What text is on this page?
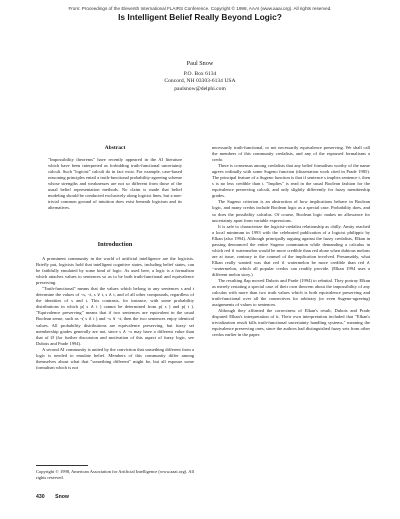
From: Proceedings of the Eleventh International FLAIRS Conference. Copyright © 1998, AAAI (www.aaai.org). All rights reserved.
Is Intelligent Belief Really Beyond Logic?
Paul Snow
P.O. Box 6134
Concord, NH 03303-6134 USA
paulsnow@delphi.com
Abstract
"Impossibility theorems" have recently appeared in the AI literature which have been interpreted as forbidding truth-functional uncertainty calculi. Such "logicist" calculi do in fact exist. For example, case-based reasoning principles entail a truth-functional probability-agreeing scheme whose strengths and weaknesses are not so different from those of the usual belief representation methods. No claim is made that belief modeling should be conducted exclusively along logicist lines, but a non-trivial common ground of intuition does exist beneath logicism and its alternatives.
Introduction

A prominent community in the world of artificial intelligence are the logicists. Briefly put, logicists hold that intelligent cognitive states, including belief states, can be faithfully emulated by some kind of logic. As used here, a logic is a formalism which attaches values to sentences so as to be both truth-functional and equivalence preserving.

"Truth-functional" means that the values which belong to any sentences s and t determine the values of ¬s, ¬t, s ∨ t, s ∧ t, and of all other compounds, regardless of the identities of s and t. This contrasts, for instance, with some probability distributions in which p( s ∧ t ) cannot be determined from p( s ) and p( t ). "Equivalence preserving" means that if two sentences are equivalent in the usual Boolean sense, such as ¬( s ∧ t ) and ¬s ∨ ¬t, then the two sentences enjoy identical values. All probability distributions are equivalence preserving, but fuzzy set membership grades generally are not, since s ∧ ¬s may have a different value than that of Ø (for further discussion and motivation of this aspect of fuzzy logic, see Dubois and Prade 1994).

A second AI community is united by the conviction that something different from a logic is needed to emulate belief. Members of this community differ among themselves about what that "something different" might be, but all espouse some formalism which is not

Copyright © 1998, American Association for Artificial Intelligence (www.aaai.org). All rights reserved.

necessarily truth-functional, or not necessarily equivalence preserving. We shall call the members of this community credalists, and any of the espoused formalisms a credo.

There is consensus among credalists that any belief formalism worthy of the name agrees ordinally with some Sugeno function (dissertation work cited in Prade 1985). The principal feature of a Sugeno function is that if sentence s implies sentence t, then s is no less credible than t. "Implies" is read in the usual Boolean fashion for the equivalence preserving calculi, and only slightly differently for fuzzy membership grades.

The Sugeno criterion is an abstraction of how implications behave in Boolean logic, and many credos include Boolean logic as a special case. Probability does, and so does the possibility calculus. Of course, Boolean logic makes no allowance for uncertainty apart from variable expressions.

It is safe to characterize the logicist-credalist relationship as chilly. Amity reached a local minimum in 1993 with the celebrated publication of a logicist philippic by Elkan (also 1994). Although principally arguing against the fuzzy credalists, Elkan in passing denounced the entire Sugeno communion while demanding a calculus in which red ∧ watermelon would be more credible than red alone when dubious melons are at issue, contrary to the counsel of the implication involved. Presumably, what Elkan really wanted was that red ∧ watermelon be more credible than red ∧ ¬watermelon, which all popular credos can readily provide. (Elkan 1994 uses a different melon story.)

The resulting flap moved Dubois and Prade (1994) to rebuttal. They portray Elkan as merely restating a special case of their own theorem about the impossibility of any calculus with more than two truth values which is both equivalence preserving and truth-functional over all the connectives for arbitrary (or even Sugeno-agreeing) assignments of values to sentences.

Although they affirmed the correctness of Elkan's result, Dubois and Prade disputed Elkan's interpretation of it. Their own interpretation included that "Elkan's trivialization result kills truth-functional uncertainty handling systems," meaning the equivalence preserving ones, since the authors had distinguished fuzzy sets from other credos earlier in the paper.

430 Snow
